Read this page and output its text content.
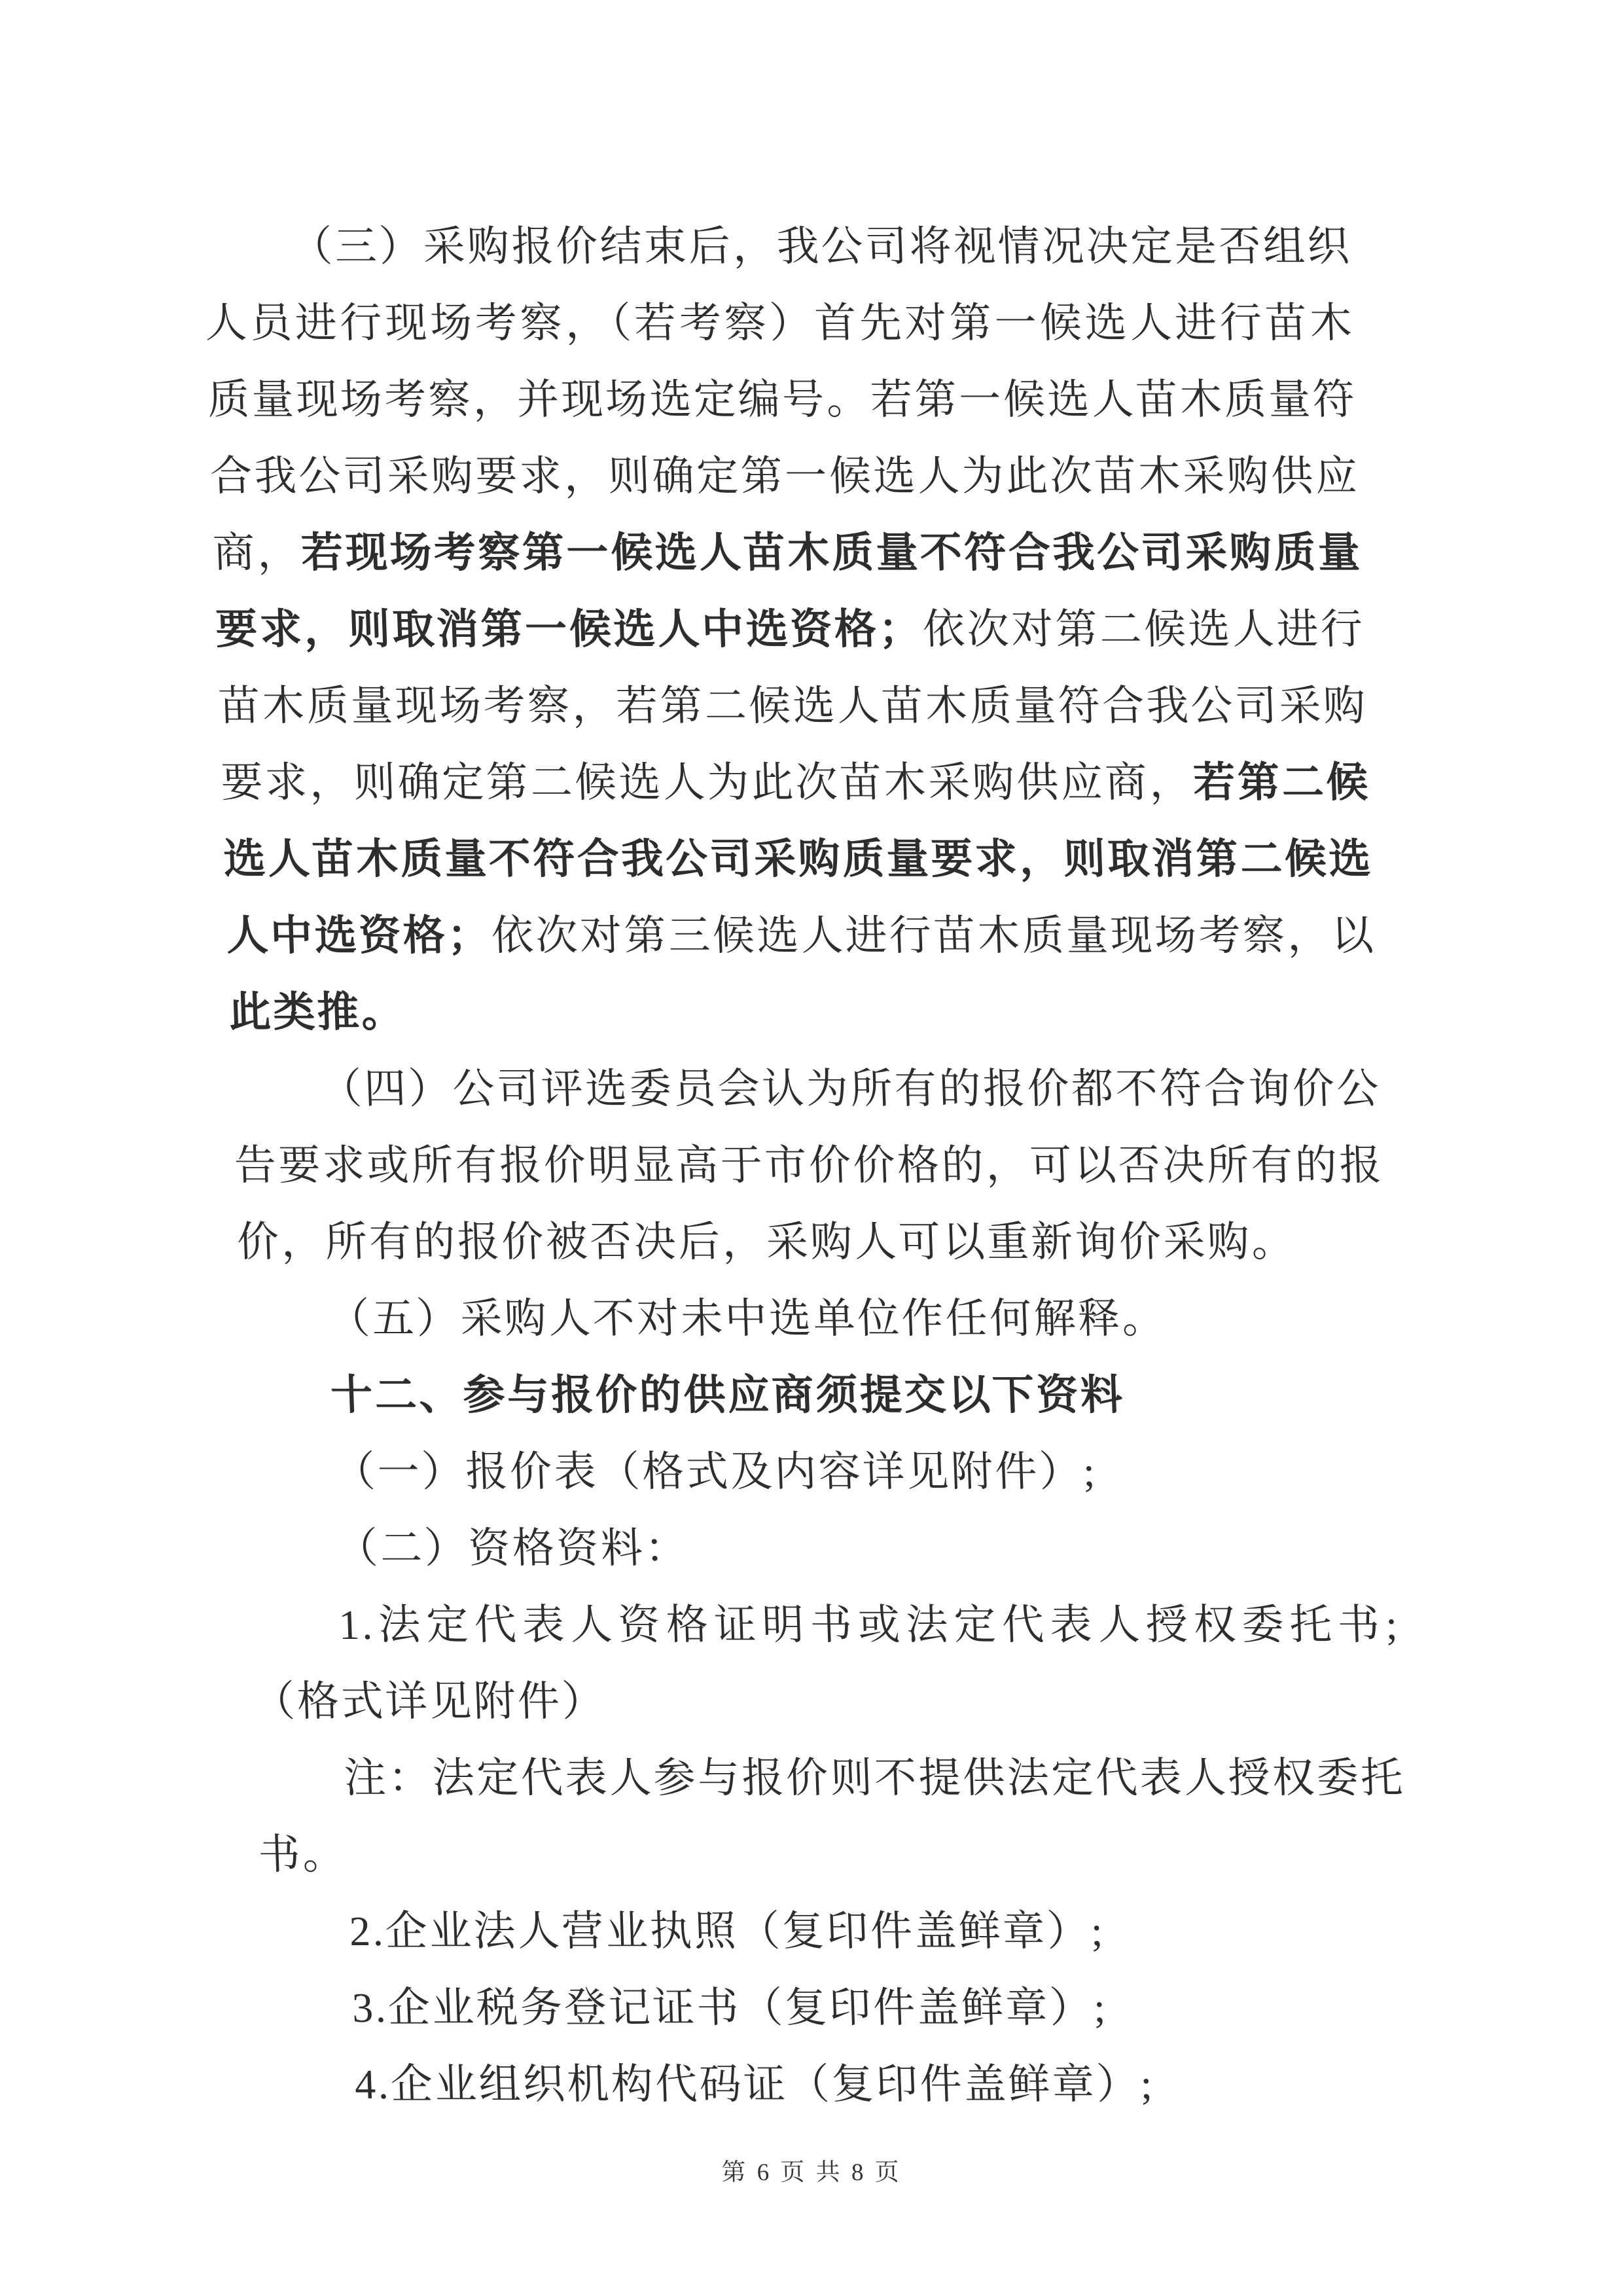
（三）采购报价结束后，我公司将视情况决定是否组织人员进行现场考察，（若考察）首先对第一候选人进行苗木质量现场考察，并现场选定编号。若第一候选人苗木质量符合我公司采购要求，则确定第一候选人为此次苗木采购供应商，若现场考察第一候选人苗木质量不符合我公司采购质量要求，则取消第一候选人中选资格；依次对第二候选人进行苗木质量现场考察，若第二候选人苗木质量符合我公司采购要求，则确定第二候选人为此次苗木采购供应商，若第二候选人苗木质量不符合我公司采购质量要求，则取消第二候选人中选资格；依次对第三候选人进行苗木质量现场考察，以此类推。

（四）公司评选委员会认为所有的报价都不符合询价公告要求或所有报价明显高于市价价格的，可以否决所有的报价，所有的报价被否决后，采购人可以重新询价采购。

（五）采购人不对未中选单位作任何解释。

十二、参与报价的供应商须提交以下资料

（一）报价表（格式及内容详见附件）;

（二）资格资料：

1.法定代表人资格证明书或法定代表人授权委托书;（格式详见附件）

注：法定代表人参与报价则不提供法定代表人授权委托书。

2.企业法人营业执照（复印件盖鲜章）;

3.企业税务登记证书（复印件盖鲜章）;

4.企业组织机构代码证（复印件盖鲜章）;

第 6 页 共 8 页
